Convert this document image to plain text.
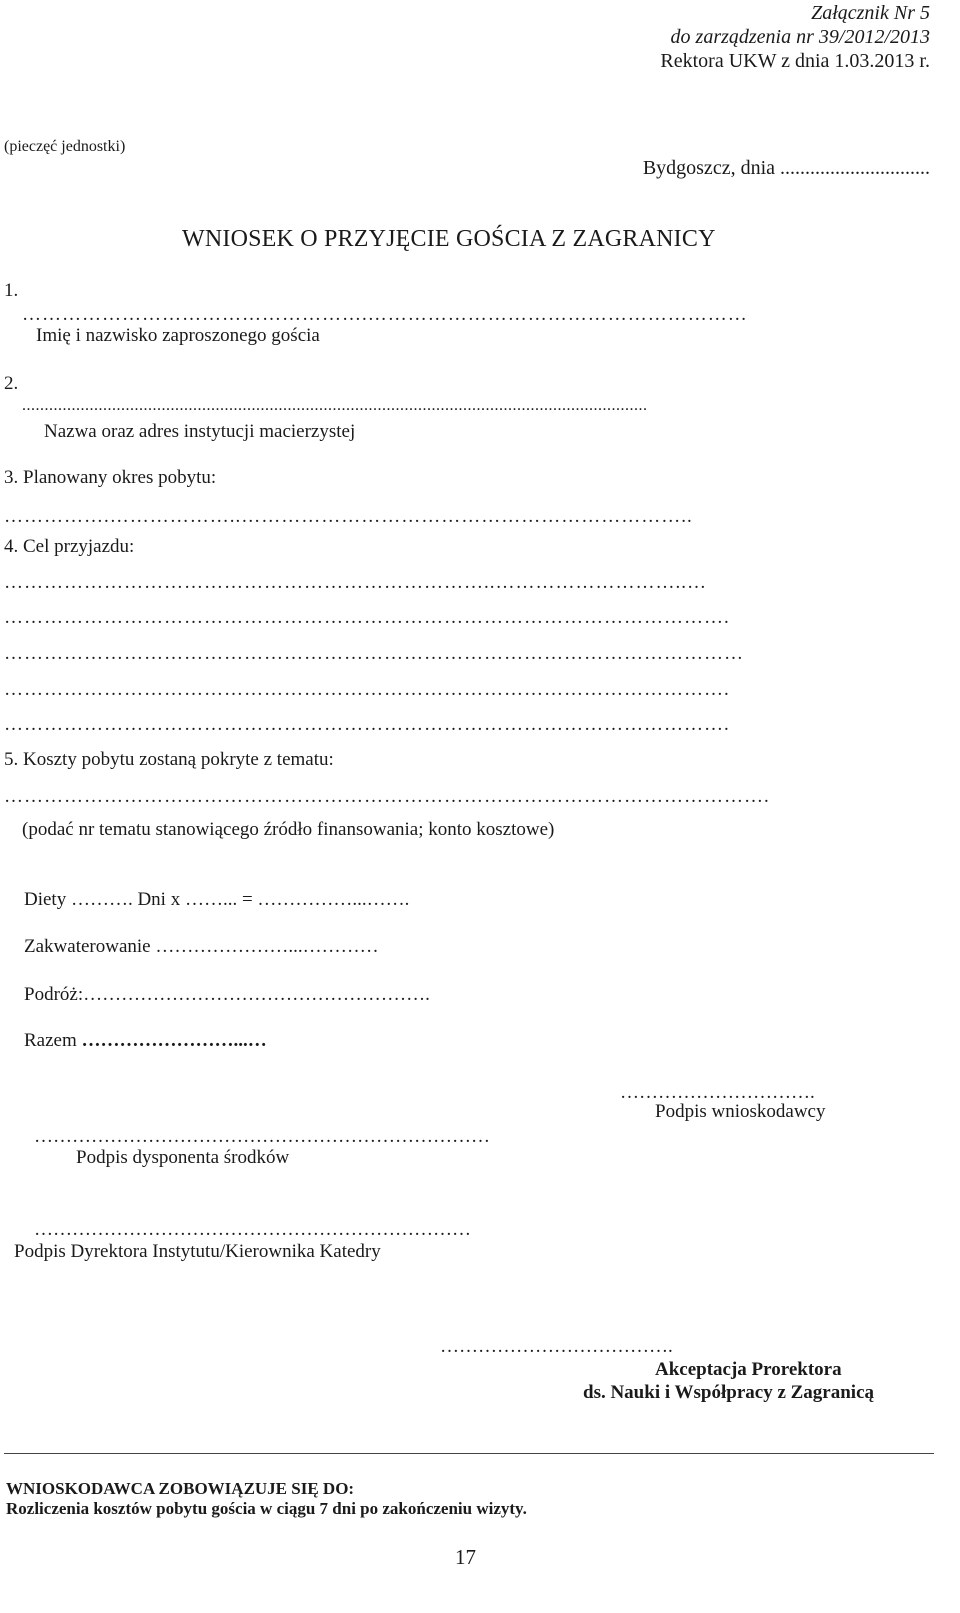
Załącznik Nr 5
do zarządzenia nr 39/2012/2013
Rektora UKW z dnia 1.03.2013 r.
(pieczęć jednostki)
Bydgoszcz, dnia ..............................
WNIOSEK O PRZYJĘCIE GOŚCIA Z ZAGRANICY
1.
…………………………………………….…………………………………………………
Imię i nazwisko zaproszonego gościa
2.
...........................................................................................................................................
Nazwa oraz adres instytucji macierzystej
3. Planowany okres pobytu:
…………….………………..…………………………………………………………..
4. Cel przyjazdu:
………………………………………………………………..………………………..…
……………………………………………………………………………………………….
…………………………………………………………………………………………………
……………………………………………………………………………………………….
……………………………………………………………………………………………….
5. Koszty pobytu zostaną pokryte z tematu:
…………………………………………………………………………………………………….
(podać nr tematu stanowiącego źródło finansowania; konto kosztowe)
Diety ………. Dni x ……... = ……………...…….
Zakwaterowanie …………………...…………
Podróż:……………………………………………….
Razem ……………………...…
………………………….
Podpis wnioskodawcy
………………………………………………………………
Podpis dysponenta środków
……………………………………………………………
Podpis Dyrektora Instytutu/Kierownika Katedry
……………………………….
Akceptacja Prorektora
ds. Nauki i Współpracy z Zagranicą
WNIOSKODAWCA ZOBOWIĄZUJE SIĘ DO:
Rozliczenia kosztów pobytu gościa w ciągu 7 dni po zakończeniu wizyty.
17
